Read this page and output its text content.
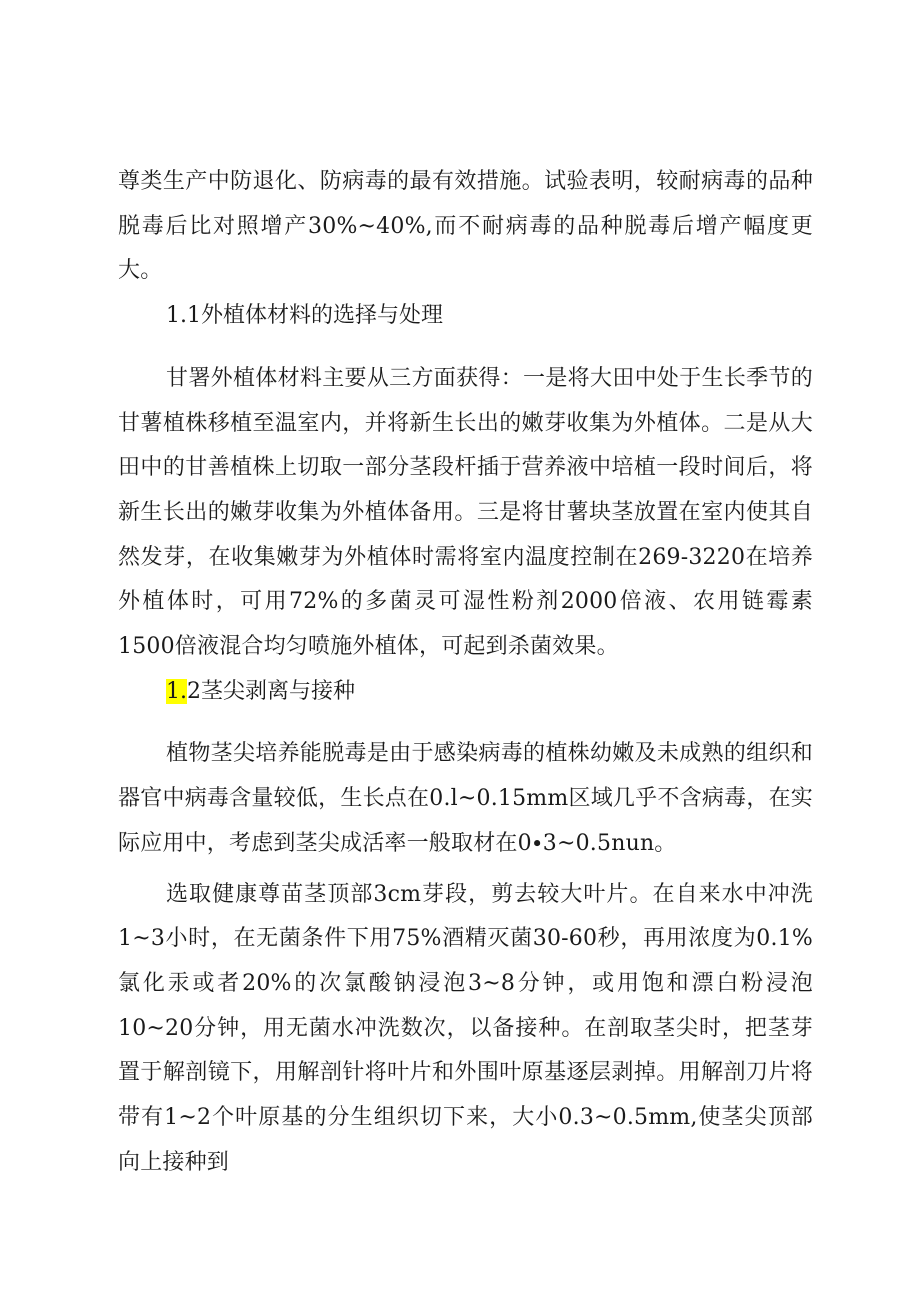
尊类生产中防退化、防病毒的最有效措施。试验表明，较耐病毒的品种脱毒后比对照增产30%~40%,而不耐病毒的品种脱毒后增产幅度更大。

1.1外植体材料的选择与处理

甘署外植体材料主要从三方面获得：一是将大田中处于生长季节的甘薯植株移植至温室内，并将新生长出的嫩芽收集为外植体。二是从大田中的甘善植株上切取一部分茎段杆插于营养液中培植一段时间后，将新生长出的嫩芽收集为外植体备用。三是将甘薯块茎放置在室内使其自然发芽，在收集嫩芽为外植体时需将室内温度控制在269-3220在培养外植体时，可用72%的多菌灵可湿性粉剂2000倍液、农用链霉素1500倍液混合均匀喷施外植体，可起到杀菌效果。

1.2茎尖剥离与接种

植物茎尖培养能脱毒是由于感染病毒的植株幼嫩及未成熟的组织和器官中病毒含量较低，生长点在0.l~0.15mm区域几乎不含病毒，在实际应用中，考虑到茎尖成活率一般取材在0∙3~0.5nun。

选取健康尊苗茎顶部3cm芽段，剪去较大叶片。在自来水中冲洗1~3小时，在无菌条件下用75%酒精灭菌30-60秒，再用浓度为0.1%氯化汞或者20%的次氯酸钠浸泡3~8分钟，或用饱和漂白粉浸泡10~20分钟，用无菌水冲洗数次，以备接种。在剖取茎尖时，把茎芽置于解剖镜下，用解剖针将叶片和外围叶原基逐层剥掉。用解剖刀片将带有1~2个叶原基的分生组织切下来，大小0.3~0.5mm,使茎尖顶部向上接种到
